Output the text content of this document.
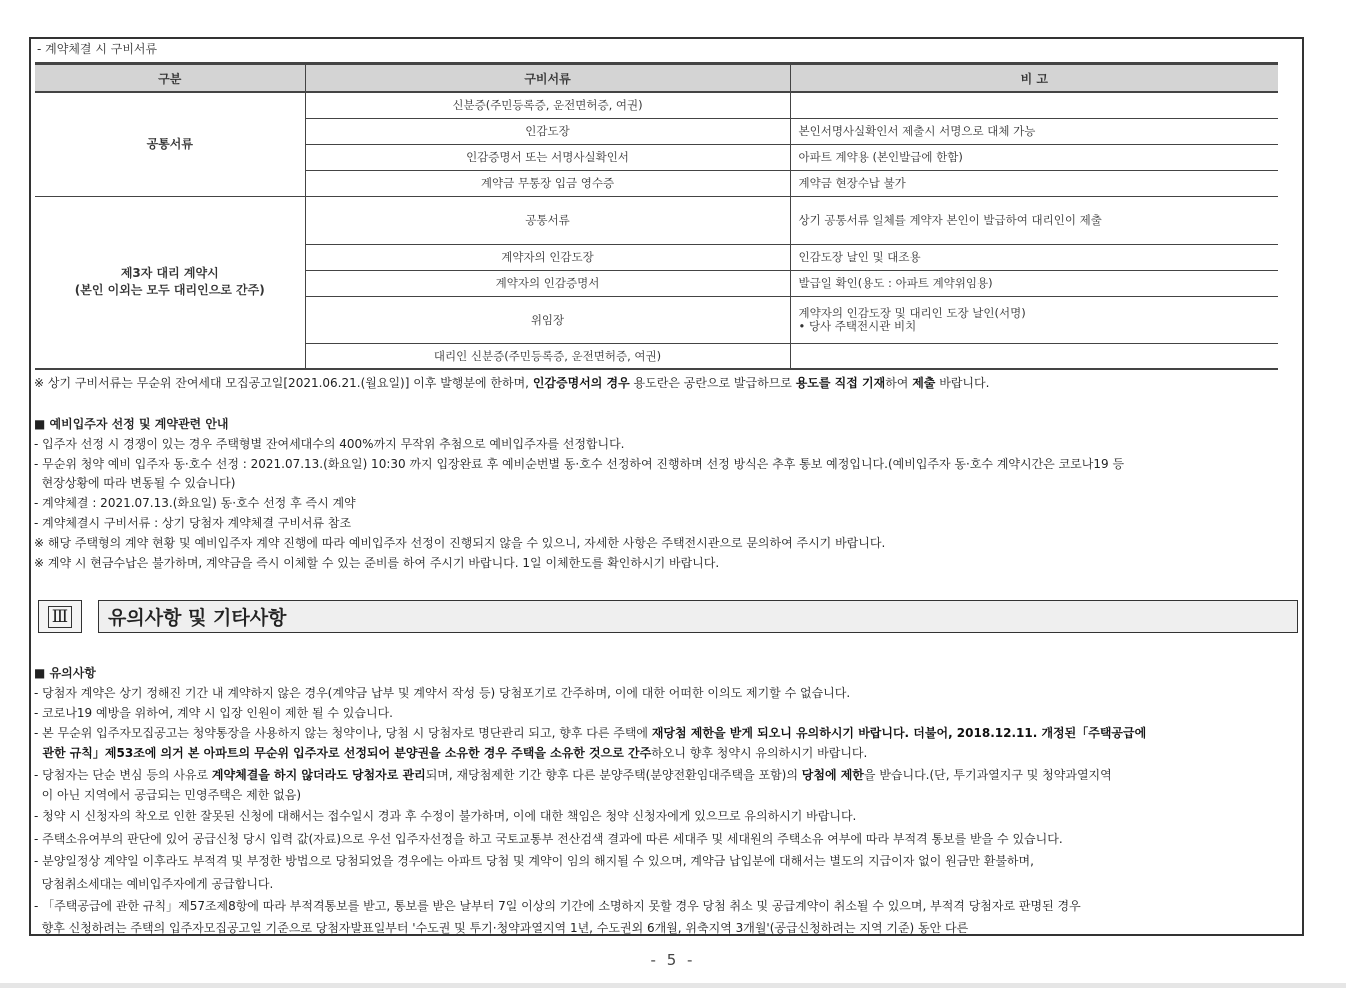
- 계약체결 시 구비서류
구분	구비서류	비 고
공통서류	신분증(주민등록증, 운전면허증, 여권)	
	인감도장	본인서명사실확인서 제출시 서명으로 대체 가능
	인감증명서 또는 서명사실확인서	아파트 계약용 (본인발급에 한함)
	계약금 무통장 입금 영수증	계약금 현장수납 불가

제3자 대리 계약시
(본인 이외는 모두 대리인으로 간주)	공통서류	상기 공통서류 일체를 계약자 본인이 발급하여 대리인이 제출
	계약자의 인감도장	인감도장 날인 및 대조용
	계약자의 인감증명서	발급일 확인(용도 : 아파트 계약위임용)
	위임장	계약자의 인감도장 및 대리인 도장 날인(서명)
• 당사 주택전시관 비치

	대리인 신분증(주민등록증, 운전면허증, 여권)	
※ 상기 구비서류는 무순위 잔여세대 모집공고일[2021.06.21.(월요일)] 이후 발행분에 한하며, 인감증명서의 경우 용도란은 공란으로 발급하므로 용도를 직접 기재하여 제출 바랍니다.
■ 예비입주자 선정 및 계약관련 안내
- 입주자 선정 시 경쟁이 있는 경우 주택형별 잔여세대수의 400%까지 무작위 추첨으로 예비입주자를 선정합니다.
- 무순위 청약 예비 입주자 동·호수 선정 : 2021.07.13.(화요일) 10:30 까지 입장완료 후 예비순번별 동·호수 선정하여 진행하며 선정 방식은 추후 통보 예정입니다.(예비입주자 동·호수 계약시간은 코로나19 등
현장상황에 따라 변동될 수 있습니다)
- 계약체결 : 2021.07.13.(화요일) 동·호수 선정 후 즉시 계약
- 계약체결시 구비서류 : 상기 당첨자 계약체결 구비서류 참조
※ 해당 주택형의 계약 현황 및 예비입주자 계약 진행에 따라 예비입주자 선정이 진행되지 않을 수 있으니, 자세한 사항은 주택전시관으로 문의하여 주시기 바랍니다.
※ 계약 시 현금수납은 불가하며, 계약금을 즉시 이체할 수 있는 준비를 하여 주시기 바랍니다. 1일 이체한도를 확인하시기 바랍니다.
Ⅲ 유의사항 및 기타사항
■ 유의사항
- 당첨자 계약은 상기 정해진 기간 내 계약하지 않은 경우(계약금 납부 및 계약서 작성 등) 당첨포기로 간주하며, 이에 대한 어떠한 이의도 제기할 수 없습니다.
- 코로나19 예방을 위하여, 계약 시 입장 인원이 제한 될 수 있습니다.
- 본 무순위 입주자모집공고는 청약통장을 사용하지 않는 청약이나, 당첨 시 당첨자로 명단관리 되고, 향후 다른 주택에 재당첨 제한을 받게 되오니 유의하시기 바랍니다. 더불어, 2018.12.11. 개정된「주택공급에
관한 규칙」제53조에 의거 본 아파트의 무순위 입주자로 선정되어 분양권을 소유한 경우 주택을 소유한 것으로 간주하오니 향후 청약시 유의하시기 바랍니다.
- 당첨자는 단순 변심 등의 사유로 계약체결을 하지 않더라도 당첨자로 관리되며, 재당첨제한 기간 향후 다른 분양주택(분양전환임대주택을 포함)의 당첨에 제한을 받습니다.(단, 투기과열지구 및 청약과열지역
이 아닌 지역에서 공급되는 민영주택은 제한 없음)
- 청약 시 신청자의 착오로 인한 잘못된 신청에 대해서는 접수일시 경과 후 수정이 불가하며, 이에 대한 책임은 청약 신청자에게 있으므로 유의하시기 바랍니다.
- 주택소유여부의 판단에 있어 공급신청 당시 입력 값(자료)으로 우선 입주자선정을 하고 국토교통부 전산검색 결과에 따른 세대주 및 세대원의 주택소유 여부에 따라 부적격 통보를 받을 수 있습니다.
- 분양일정상 계약일 이후라도 부적격 및 부정한 방법으로 당첨되었을 경우에는 아파트 당첨 및 계약이 임의 해지될 수 있으며, 계약금 납입분에 대해서는 별도의 지급이자 없이 원금만 환불하며,
당첨취소세대는 예비입주자에게 공급합니다.
- 「주택공급에 관한 규칙」제57조제8항에 따라 부적격통보를 받고, 통보를 받은 날부터 7일 이상의 기간에 소명하지 못할 경우 당첨 취소 및 공급계약이 취소될 수 있으며, 부적격 당첨자로 판명된 경우
향후 신청하려는 주택의 입주자모집공고일 기준으로 당첨자발표일부터 '수도권 및 투기·청약과열지역 1년, 수도권외 6개월, 위축지역 3개월'(공급신청하려는 지역 기준) 동안 다른
- 5 -
